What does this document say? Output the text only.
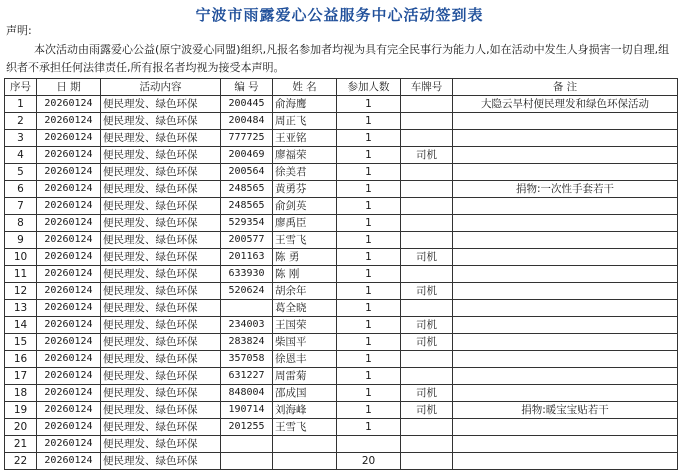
宁波市雨露爱心公益服务中心活动签到表
声明:
本次活动由雨露爱心公益(原宁波爱心同盟)组织,凡报名参加者均视为具有完全民事行为能力人,如在活动中发生人身损害一切自理,组织者不承担任何法律责任,所有报名者均视为接受本声明。
序号	日 期	活动内容	编 号	姓 名	参加人数	车牌号	备 注
1	20260124	便民理发、绿色环保	200445	俞海鹰	1		大隐云旱村便民理发和绿色环保活动
2	20260124	便民理发、绿色环保	200484	周正飞	1		
3	20260124	便民理发、绿色环保	777725	王亚铭	1		
4	20260124	便民理发、绿色环保	200469	廖福荣	1	司机	
5	20260124	便民理发、绿色环保	200564	徐美君	1		
6	20260124	便民理发、绿色环保	248565	黄勇芬	1		捐物:一次性手套若干
7	20260124	便民理发、绿色环保	248565	俞剑英	1		
8	20260124	便民理发、绿色环保	529354	廖禹臣	1		
9	20260124	便民理发、绿色环保	200577	王雪飞	1		
10	20260124	便民理发、绿色环保	201163	陈 勇	1	司机	
11	20260124	便民理发、绿色环保	633930	陈 刚	1		
12	20260124	便民理发、绿色环保	520624	胡余年	1	司机	
13	20260124	便民理发、绿色环保		葛全晓	1		
14	20260124	便民理发、绿色环保	234003	王国荣	1	司机	
15	20260124	便民理发、绿色环保	283824	柴国平	1	司机	
16	20260124	便民理发、绿色环保	357058	徐恩丰	1		
17	20260124	便民理发、绿色环保	631227	周雷菊	1		
18	20260124	便民理发、绿色环保	848004	邵成国	1	司机	
19	20260124	便民理发、绿色环保	190714	刘海峰	1	司机	捐物:暖宝宝贴若干
20	20260124	便民理发、绿色环保	201255	王雪飞	1		
21	20260124	便民理发、绿色环保					
22	20260124	便民理发、绿色环保			20		
